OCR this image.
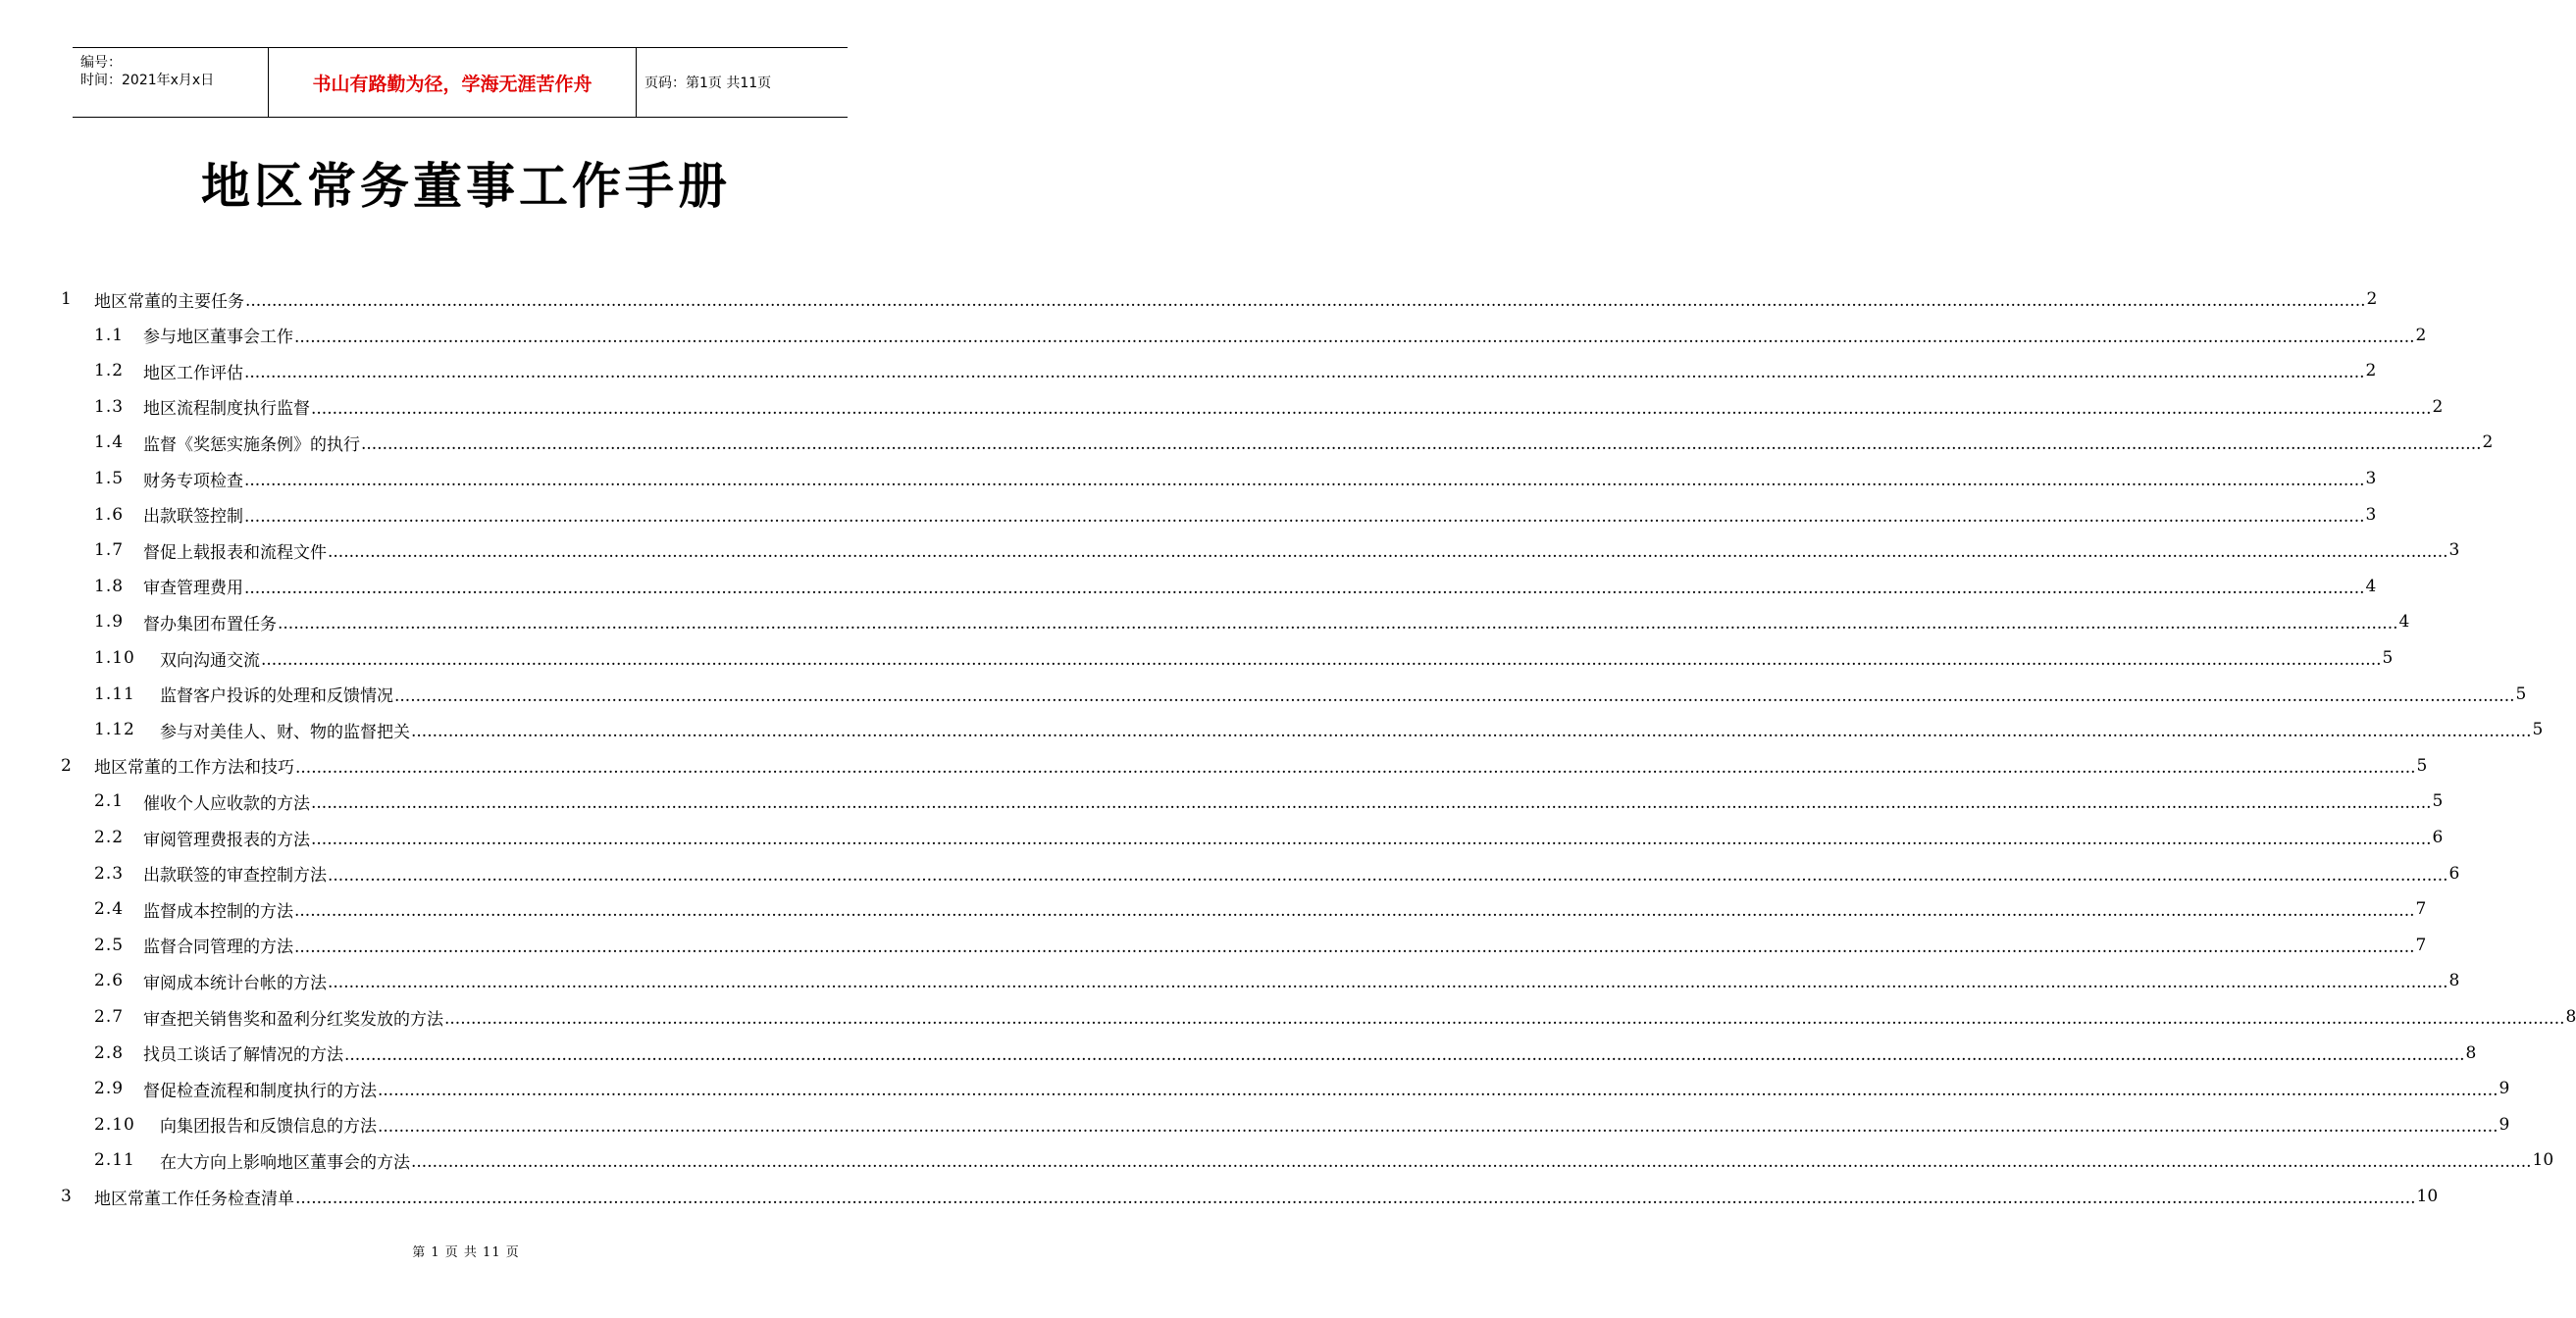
编号：
时间：2021年x月x日	书山有路勤为径，学海无涯苦作舟	页码：第1页 共11页
地区常务董事工作手册
1	地区常董的主要任务 ................................................................................................................................................................................................................................................................................................................................................................................................................ 2
1.1	参与地区董事会工作 ................................................................................................................................................................................................................................................................................................................................................................................................................ 2
1.2	地区工作评估 ................................................................................................................................................................................................................................................................................................................................................................................................................ 2
1.3	地区流程制度执行监督 ................................................................................................................................................................................................................................................................................................................................................................................................................ 2
1.4	监督《奖惩实施条例》的执行 ................................................................................................................................................................................................................................................................................................................................................................................................................ 2
1.5	财务专项检查 ................................................................................................................................................................................................................................................................................................................................................................................................................ 3
1.6	出款联签控制 ................................................................................................................................................................................................................................................................................................................................................................................................................ 3
1.7	督促上载报表和流程文件 ................................................................................................................................................................................................................................................................................................................................................................................................................ 3
1.8	审查管理费用 ................................................................................................................................................................................................................................................................................................................................................................................................................ 4
1.9	督办集团布置任务 ................................................................................................................................................................................................................................................................................................................................................................................................................ 4
1.10	双向沟通交流 ................................................................................................................................................................................................................................................................................................................................................................................................................ 5
1.11	监督客户投诉的处理和反馈情况 ................................................................................................................................................................................................................................................................................................................................................................................................................ 5
1.12	参与对美佳人、财、物的监督把关 ................................................................................................................................................................................................................................................................................................................................................................................................................ 5
2	地区常董的工作方法和技巧 ................................................................................................................................................................................................................................................................................................................................................................................................................ 5
2.1	催收个人应收款的方法 ................................................................................................................................................................................................................................................................................................................................................................................................................ 5
2.2	审阅管理费报表的方法 ................................................................................................................................................................................................................................................................................................................................................................................................................ 6
2.3	出款联签的审查控制方法 ................................................................................................................................................................................................................................................................................................................................................................................................................ 6
2.4	监督成本控制的方法 ................................................................................................................................................................................................................................................................................................................................................................................................................ 7
2.5	监督合同管理的方法 ................................................................................................................................................................................................................................................................................................................................................................................................................ 7
2.6	审阅成本统计台帐的方法 ................................................................................................................................................................................................................................................................................................................................................................................................................ 8
2.7	审查把关销售奖和盈利分红奖发放的方法 ................................................................................................................................................................................................................................................................................................................................................................................................................ 8
2.8	找员工谈话了解情况的方法 ................................................................................................................................................................................................................................................................................................................................................................................................................ 8
2.9	督促检查流程和制度执行的方法 ................................................................................................................................................................................................................................................................................................................................................................................................................ 9
2.10	向集团报告和反馈信息的方法 ................................................................................................................................................................................................................................................................................................................................................................................................................ 9
2.11	在大方向上影响地区董事会的方法 ................................................................................................................................................................................................................................................................................................................................................................................................................ 10
3	地区常董工作任务检查清单 ................................................................................................................................................................................................................................................................................................................................................................................................................ 10
第 1 页 共 11 页
